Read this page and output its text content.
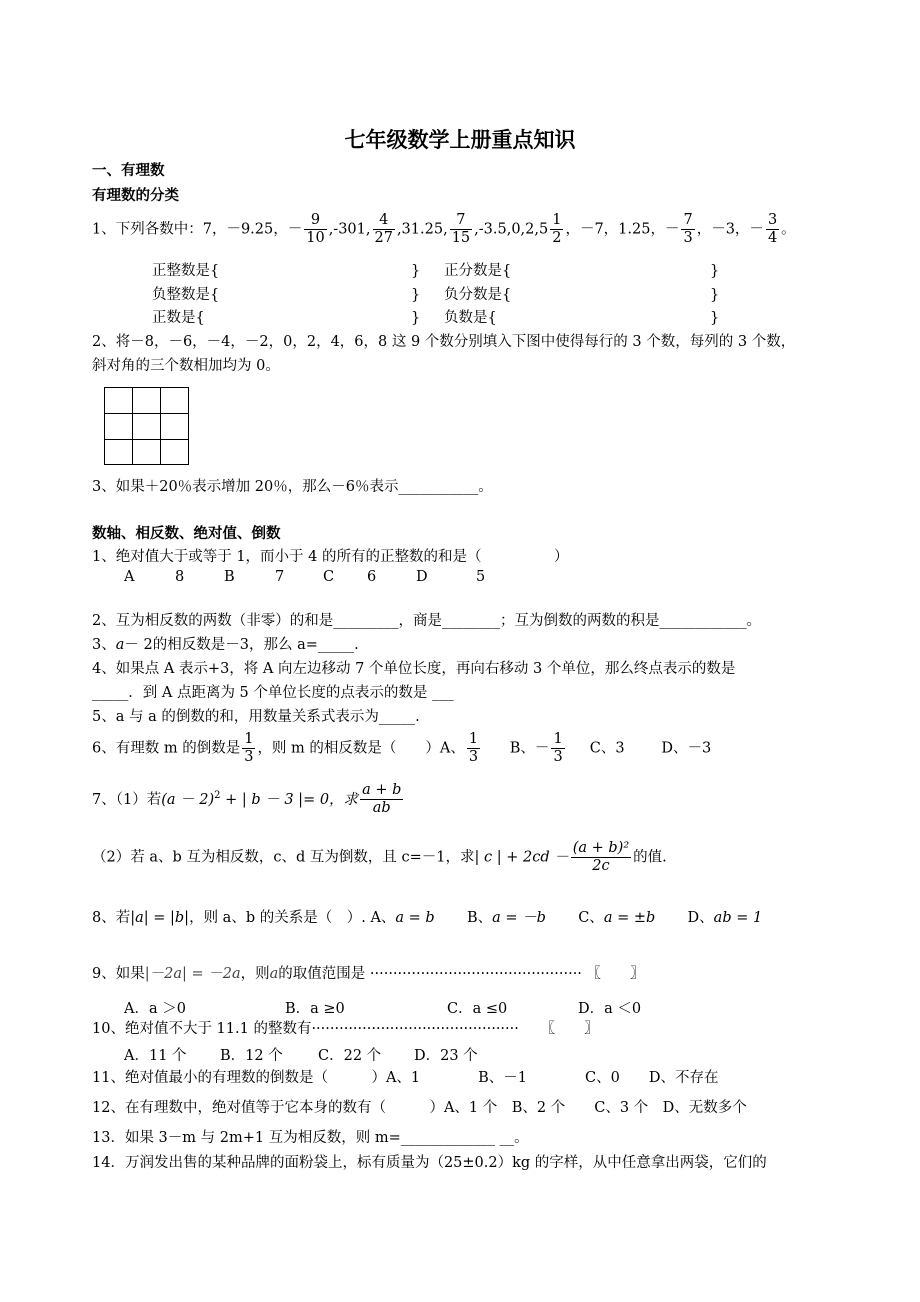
七年级数学上册重点知识
一、有理数
有理数的分类
1、下列各数中：7，－9.25，－ $\frac{9}{10} ,-301$, $\frac{4}{27} ,31.25$, $\frac{7}{15} ,-3.5,0,2,5 \frac{1}{2}$ ，－7，1.25，－ $\frac{7}{3}$ ，－3，－ $\frac{3}{4}$ 。
正整数是{	} 正分数是{	}
负整数是{	} 负分数是{	}
正数是{	} 负数是{	}
2、将－8，－6，－4，－2，0，2，4，6，8 这 9 个数分别填入下图中使得每行的 3 个数，每列的 3 个数，
斜对角的三个数相加均为 0。
3、如果＋20％表示增加 20％，那么－6％表示___________。
数轴、相反数、绝对值、倒数
1、绝对值大于或等于 1，而小于 4 的所有的正整数的和是（　　　　　）
A	8	B	7	C 6	D	5
2、互为相反数的两数（非零）的和是_________，商是________；互为倒数的两数的积是____________。
3、a－ 2的相反数是－3，那么 a=_____.
4、如果点 A 表示+3，将 A 向左边移动 7 个单位长度，再向右移动 3 个单位，那么终点表示的数是
_____．到 A 点距离为 5 个单位长度的点表示的数是 ___
5、a 与 a 的倒数的和，用数量关系式表示为_____.
6、有理数 m 的倒数是 $\frac{1}{3}$ ，则 m 的相反数是（　　）A、 $\frac{1}{3}$ B、－ $\frac{1}{3}$ C、3	D、－3
7、（1）若$(a - 2)^2$ + | b － 3 |= 0，求 $\frac{a + b}{ab}$
（2）若 a、b 互为相反数，c、d 互为倒数，且 c=－1，求| c | + $2cd - \frac{\text{(a + b)²}}{2c}$ 的值.
8、若|a| = |b|，则 a、b 的关系是（　）. A、a = b B、a = －b C、a = ±b D、ab = 1
9、如果|－2a| = －2a，则a的取值范围是 ·············································· 〖　　〗
A．a ＞0	B．a ≥0	C．a ≤0	D．a ＜0
10、绝对值不大于 11.1 的整数有·············································　　〖　　〗
A．11 个 B．12 个 C．22 个 D．23 个
11、绝对值最小的有理数的倒数是（　　　）A、1　　　　B、－1　　　　C、0　　D、不存在
12、在有理数中，绝对值等于它本身的数有（　　　）A、1 个　B、2 个　　C、3 个　D、无数多个
13．如果 3－m 与 2m+1 互为相反数，则 m=_____________ __。
14．万润发出售的某种品牌的面粉袋上，标有质量为（25±0.2）kg 的字样，从中任意拿出两袋，它们的
